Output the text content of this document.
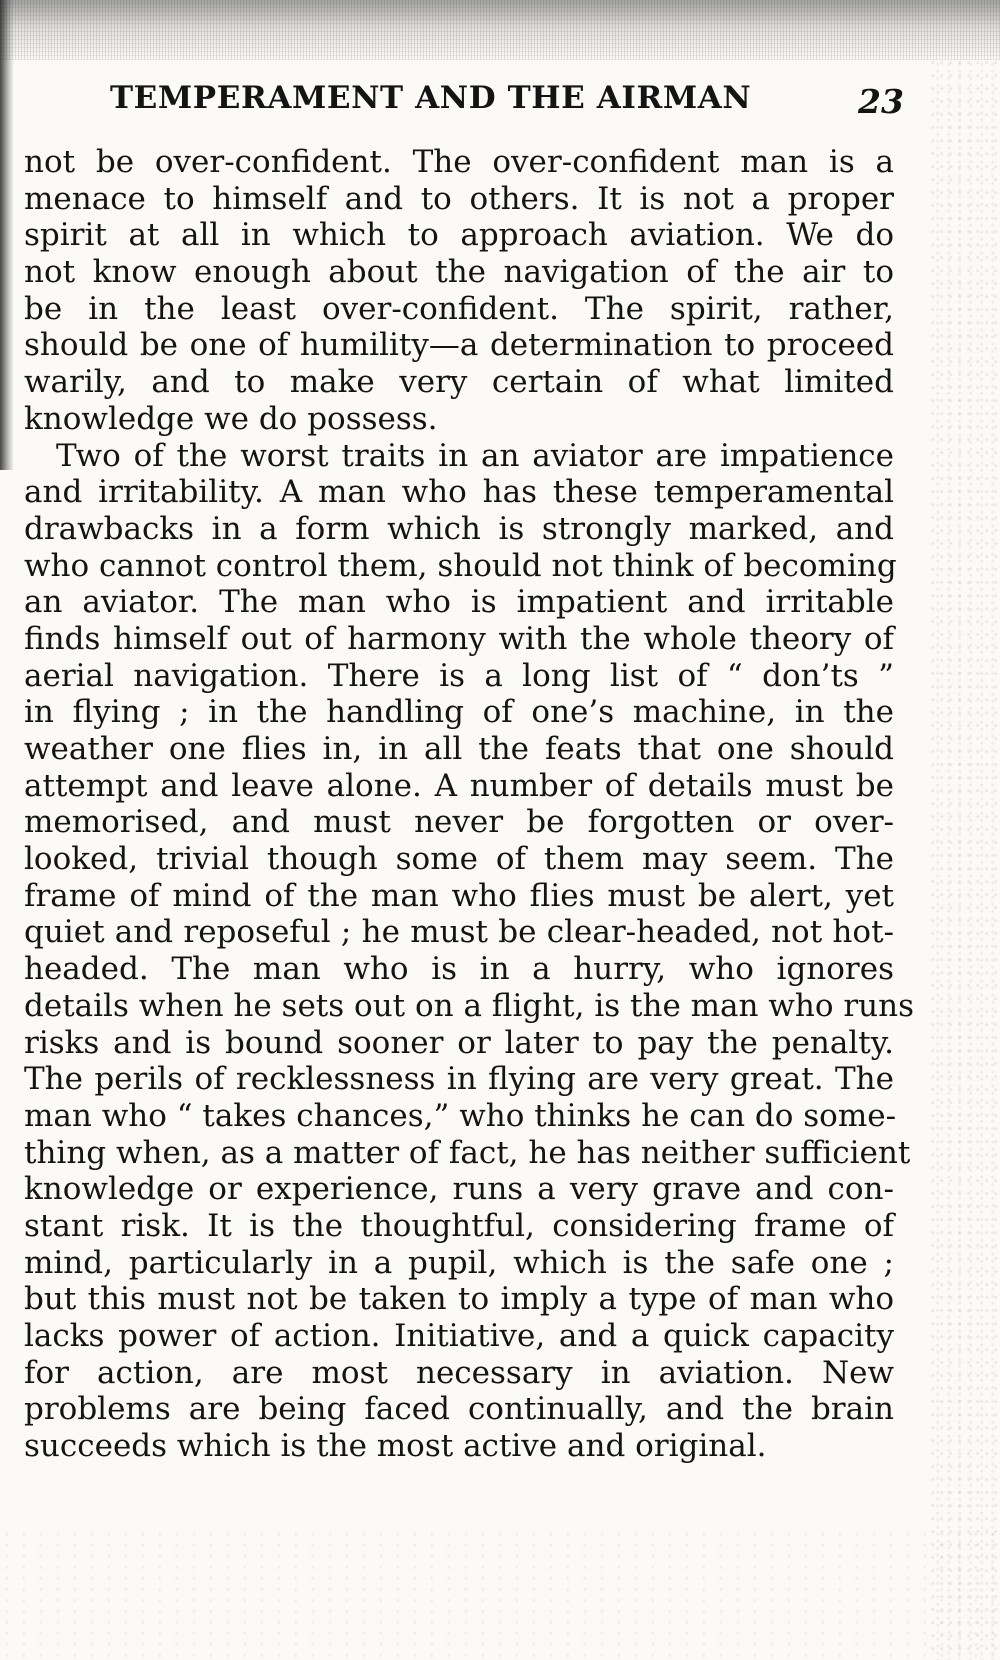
TEMPERAMENT AND THE AIRMAN	23
not be over-confident. The over-confident man is a
menace to himself and to others. It is not a proper
spirit at all in which to approach aviation. We do
not know enough about the navigation of the air to
be in the least over-confident. The spirit, rather,
should be one of humility—a determination to proceed
warily, and to make very certain of what limited
knowledge we do possess.
Two of the worst traits in an aviator are impatience
and irritability. A man who has these temperamental
drawbacks in a form which is strongly marked, and
who cannot control them, should not think of becoming
an aviator. The man who is impatient and irritable
finds himself out of harmony with the whole theory of
aerial navigation. There is a long list of “ don’ts ”
in flying ; in the handling of one’s machine, in the
weather one flies in, in all the feats that one should
attempt and leave alone. A number of details must be
memorised, and must never be forgotten or over-
looked, trivial though some of them may seem. The
frame of mind of the man who flies must be alert, yet
quiet and reposeful ; he must be clear-headed, not hot-
headed. The man who is in a hurry, who ignores
details when he sets out on a flight, is the man who runs
risks and is bound sooner or later to pay the penalty.
The perils of recklessness in flying are very great. The
man who “ takes chances,” who thinks he can do some-
thing when, as a matter of fact, he has neither sufficient
knowledge or experience, runs a very grave and con-
stant risk. It is the thoughtful, considering frame of
mind, particularly in a pupil, which is the safe one ;
but this must not be taken to imply a type of man who
lacks power of action. Initiative, and a quick capacity
for action, are most necessary in aviation. New
problems are being faced continually, and the brain
succeeds which is the most active and original.
